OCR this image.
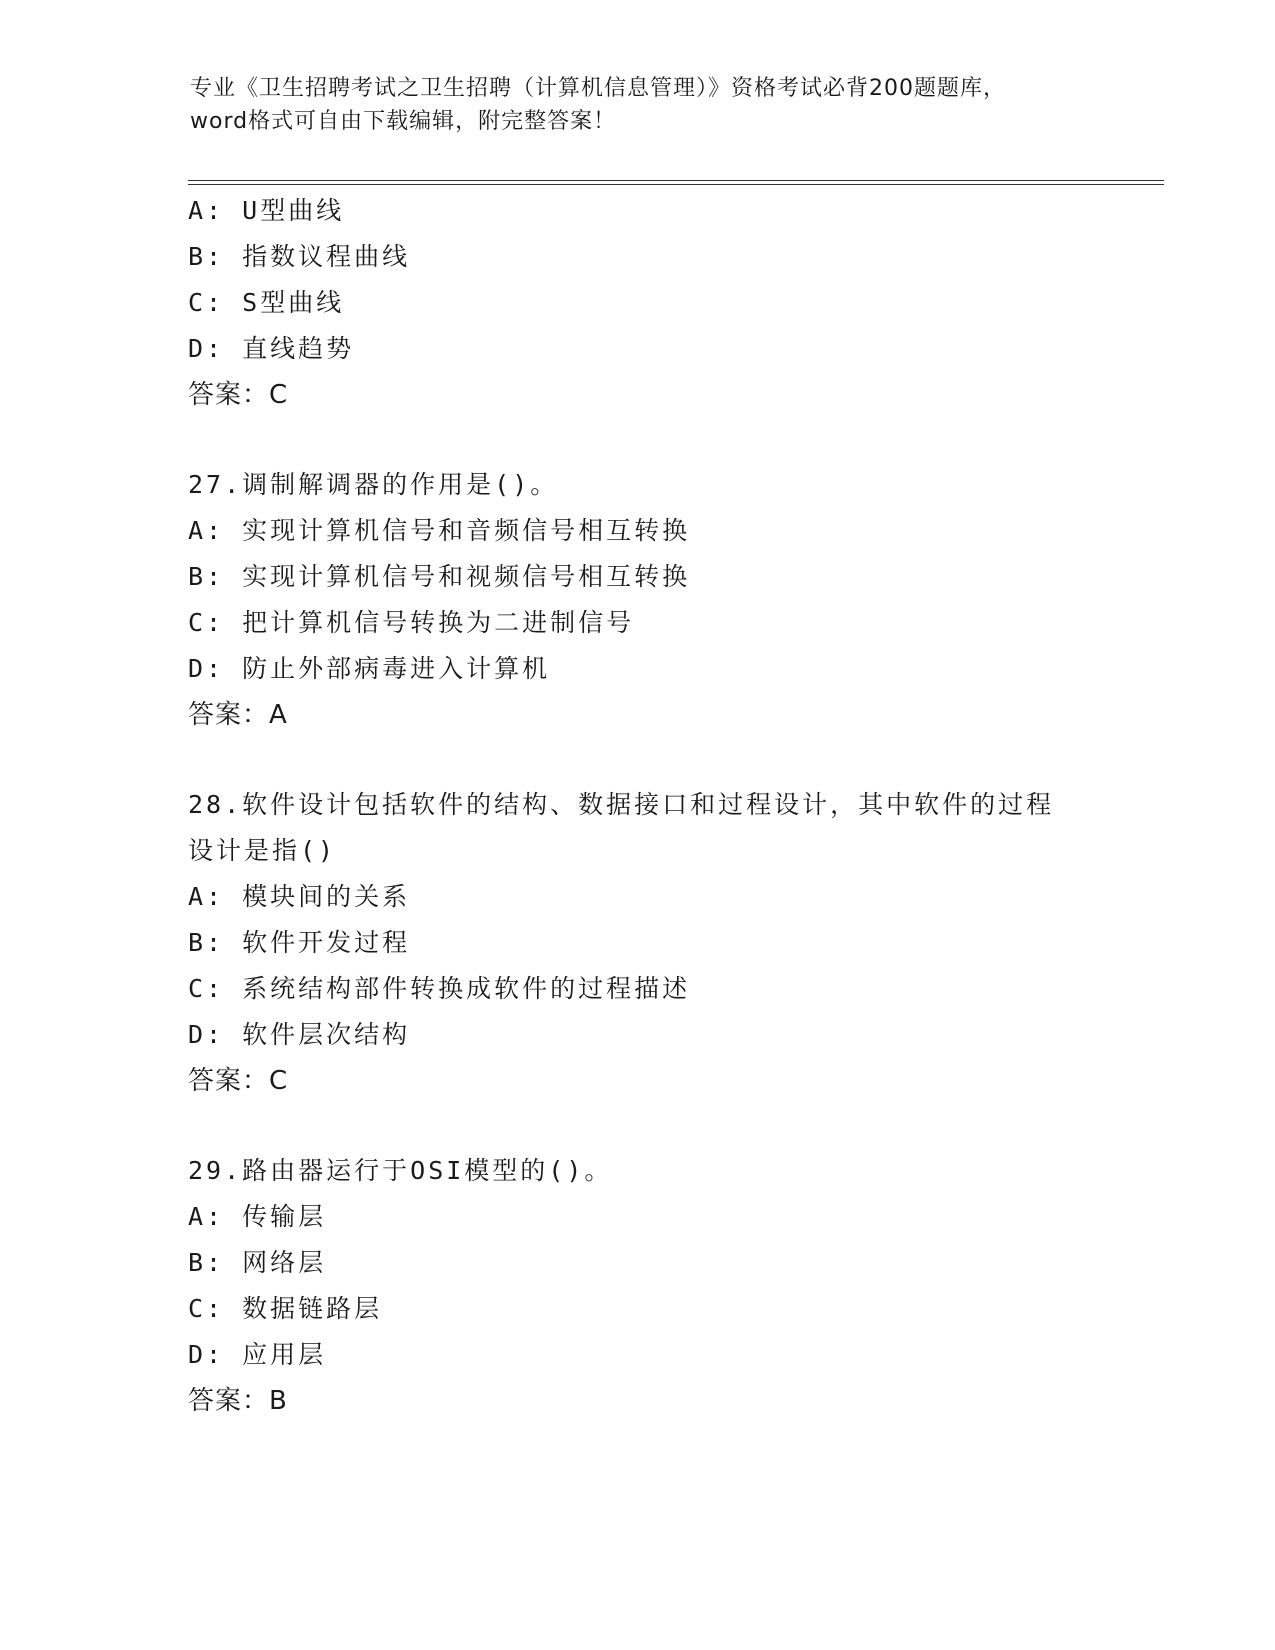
专业《卫生招聘考试之卫生招聘（计算机信息管理）》资格考试必背200题题库，
word格式可自由下载编辑，附完整答案！
A: U型曲线
B: 指数议程曲线
C: S型曲线
D: 直线趋势
答案：C
27.调制解调器的作用是()。
A: 实现计算机信号和音频信号相互转换
B: 实现计算机信号和视频信号相互转换
C: 把计算机信号转换为二进制信号
D: 防止外部病毒进入计算机
答案：A
28.软件设计包括软件的结构、数据接口和过程设计，其中软件的过程
设计是指()
A: 模块间的关系
B: 软件开发过程
C: 系统结构部件转换成软件的过程描述
D: 软件层次结构
答案：C
29.路由器运行于OSI模型的()。
A: 传输层
B: 网络层
C: 数据链路层
D: 应用层
答案：B
